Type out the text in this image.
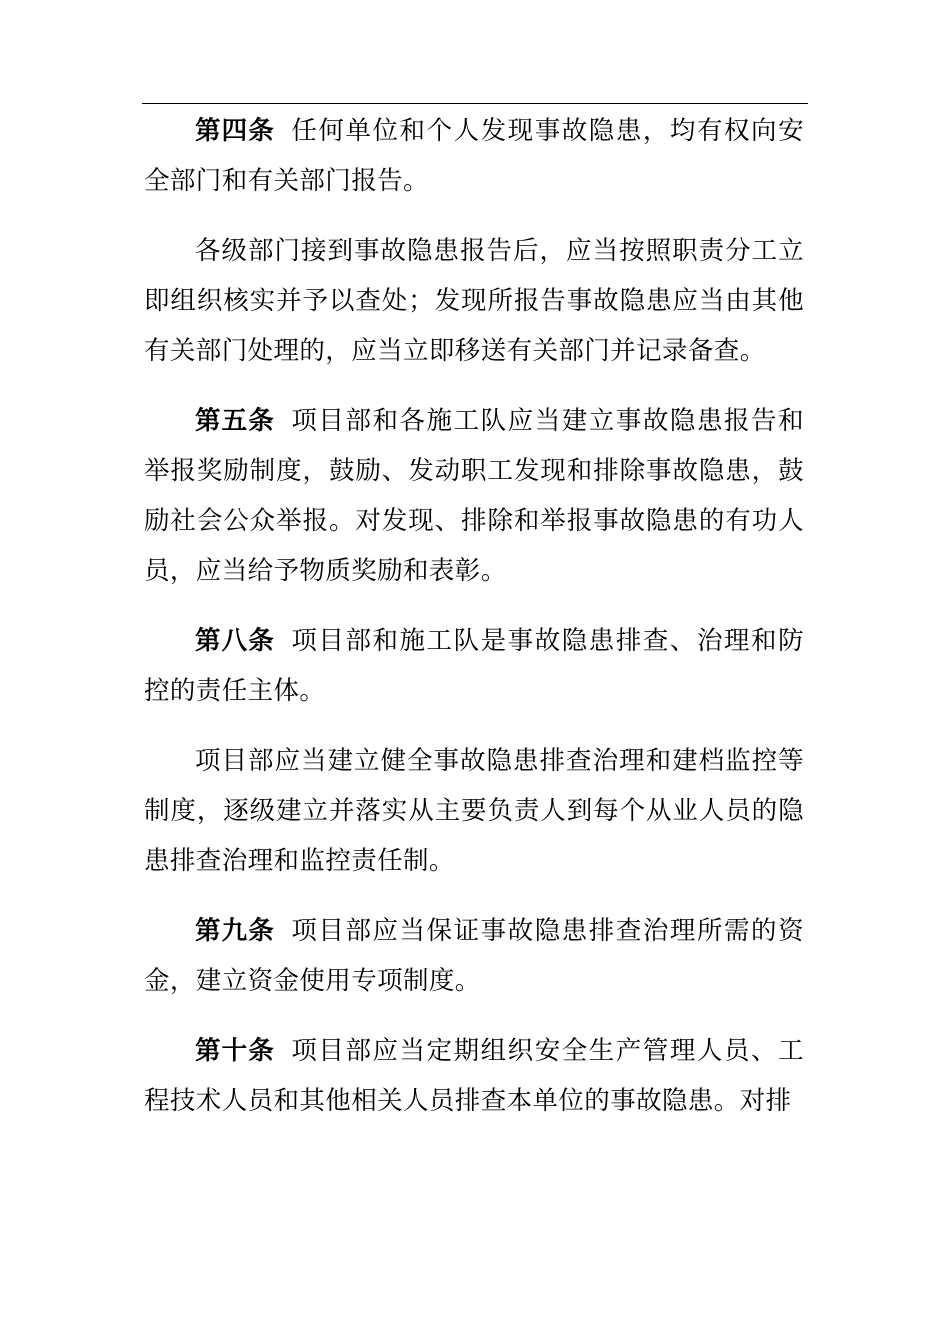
第四条 任何单位和个人发现事故隐患，均有权向安全部门和有关部门报告。

各级部门接到事故隐患报告后，应当按照职责分工立即组织核实并予以查处；发现所报告事故隐患应当由其他有关部门处理的，应当立即移送有关部门并记录备查。

第五条 项目部和各施工队应当建立事故隐患报告和举报奖励制度，鼓励、发动职工发现和排除事故隐患，鼓励社会公众举报。对发现、排除和举报事故隐患的有功人员，应当给予物质奖励和表彰。

第八条 项目部和施工队是事故隐患排查、治理和防控的责任主体。

项目部应当建立健全事故隐患排查治理和建档监控等制度，逐级建立并落实从主要负责人到每个从业人员的隐患排查治理和监控责任制。

第九条 项目部应当保证事故隐患排查治理所需的资金，建立资金使用专项制度。

第十条 项目部应当定期组织安全生产管理人员、工程技术人员和其他相关人员排查本单位的事故隐患。对排
